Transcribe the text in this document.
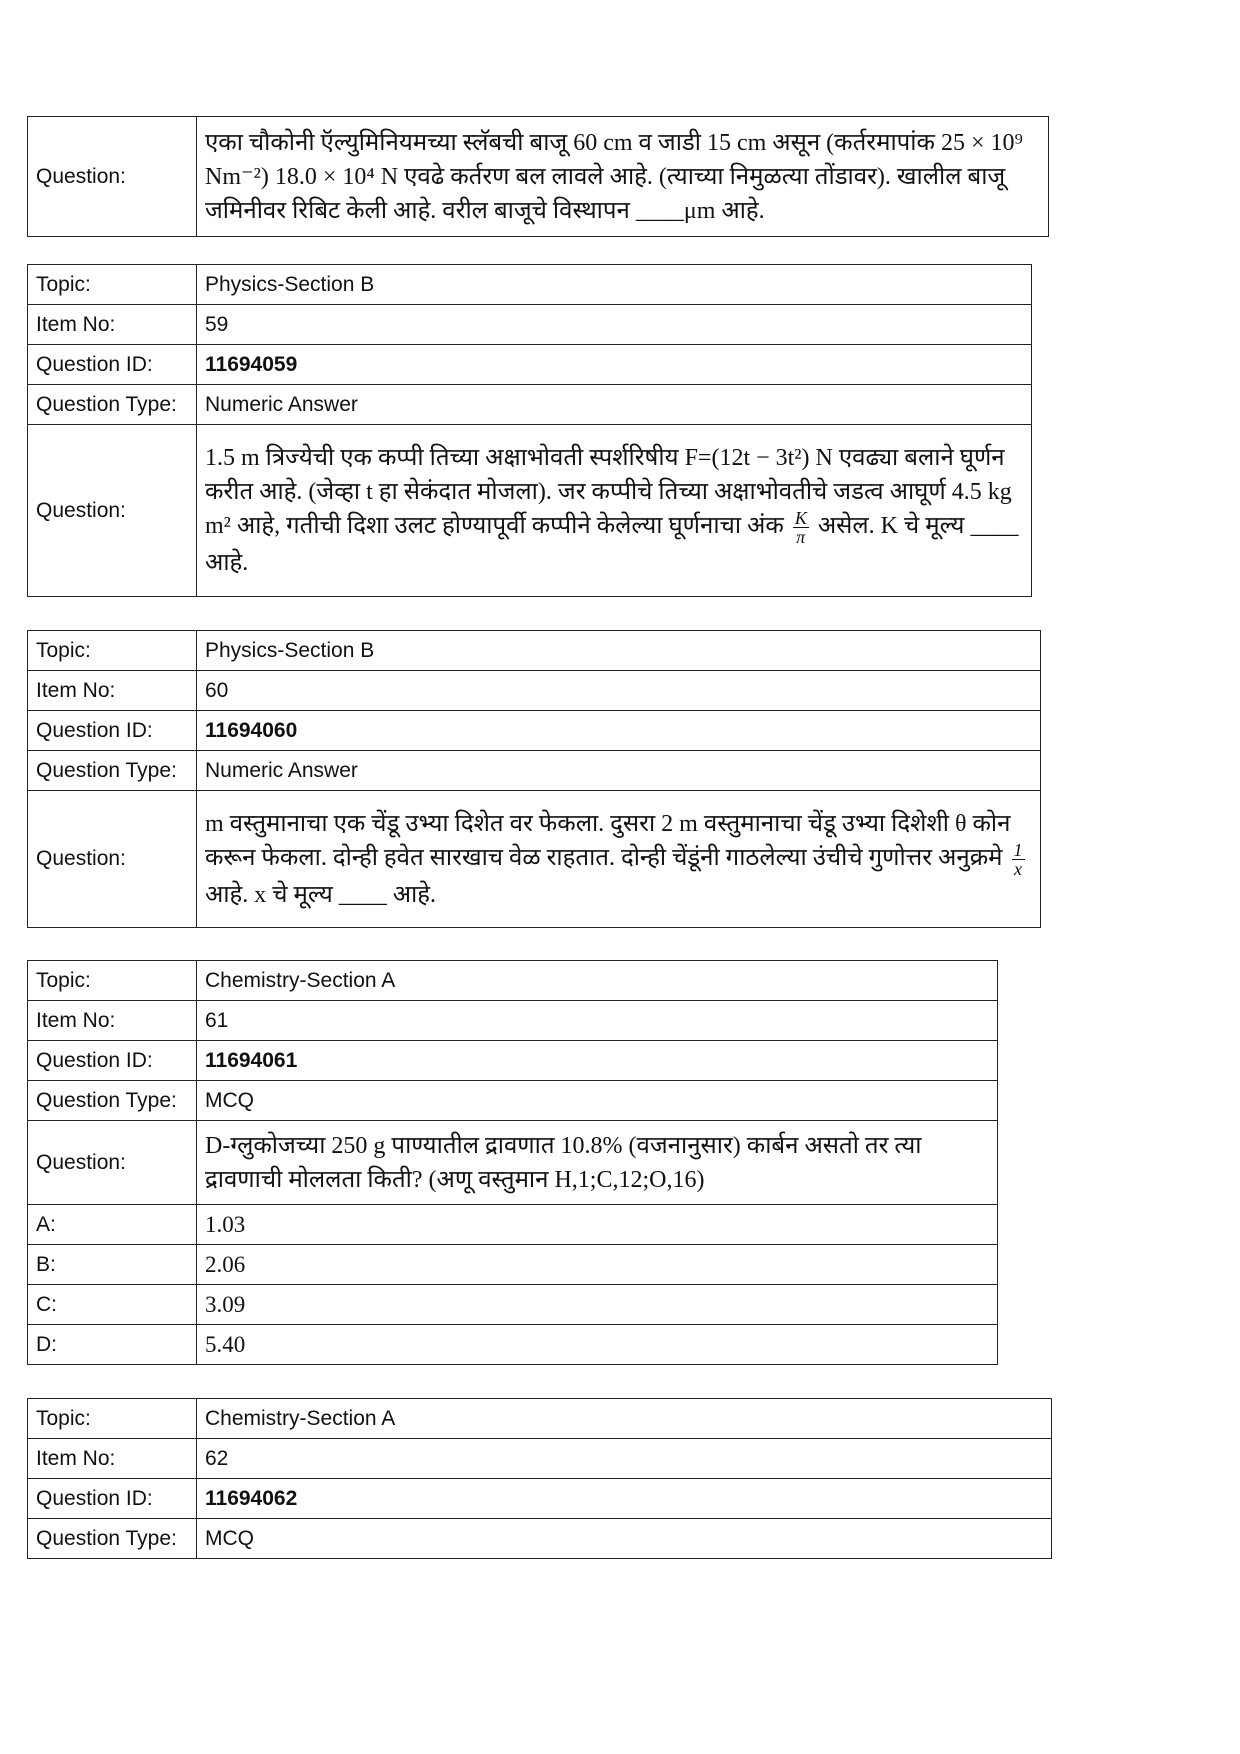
Question:	एका चौकोनी ऍल्युमिनियमच्या स्लॅबची बाजू 60 cm व जाडी 15 cm असून (कर्तरमापांक 25 × 10⁹ Nm⁻²) 18.0 × 10⁴ N एवढे कर्तरण बल लावले आहे. (त्याच्या निमुळत्या तोंडावर). खालील बाजू जमिनीवर रिबिट केली आहे. वरील बाजूचे विस्थापन ____μm आहे.
Topic:	Physics-Section B
Item No:	59
Question ID:	11694059
Question Type:	Numeric Answer
Question:	1.5 m त्रिज्येची एक कप्पी तिच्या अक्षाभोवती स्पर्शरिषीय F=(12t − 3t²) N एवढ्या बलाने घूर्णन करीत आहे. (जेव्हा t हा सेकंदात मोजला). जर कप्पीचे तिच्या अक्षाभोवतीचे जडत्व आघूर्ण 4.5 kg m² आहे, गतीची दिशा उलट होण्यापूर्वी कप्पीने केलेल्या घूर्णनाचा अंक $\frac{K}{\pi}$ असेल. K चे मूल्य ____ आहे.
Topic:	Physics-Section B
Item No:	60
Question ID:	11694060
Question Type:	Numeric Answer
Question:	m वस्तुमानाचा एक चेंडू उभ्या दिशेत वर फेकला. दुसरा 2 m वस्तुमानाचा चेंडू उभ्या दिशेशी θ कोन करून फेकला. दोन्ही हवेत सारखाच वेळ राहतात. दोन्ही चेंडूंनी गाठलेल्या उंचीचे गुणोत्तर अनुक्रमे $\frac{1}{x}$
आहे. x चे मूल्य ____ आहे.
Topic:	Chemistry-Section A
Item No:	61
Question ID:	11694061
Question Type:	MCQ
Question:	D-ग्लुकोजच्या 250 g पाण्यातील द्रावणात 10.8% (वजनानुसार) कार्बन असतो तर त्या द्रावणाची मोललता किती? (अणू वस्तुमान H,1;C,12;O,16)
A:	1.03
B:	2.06
C:	3.09
D:	5.40
Topic:	Chemistry-Section A
Item No:	62
Question ID:	11694062
Question Type:	MCQ
